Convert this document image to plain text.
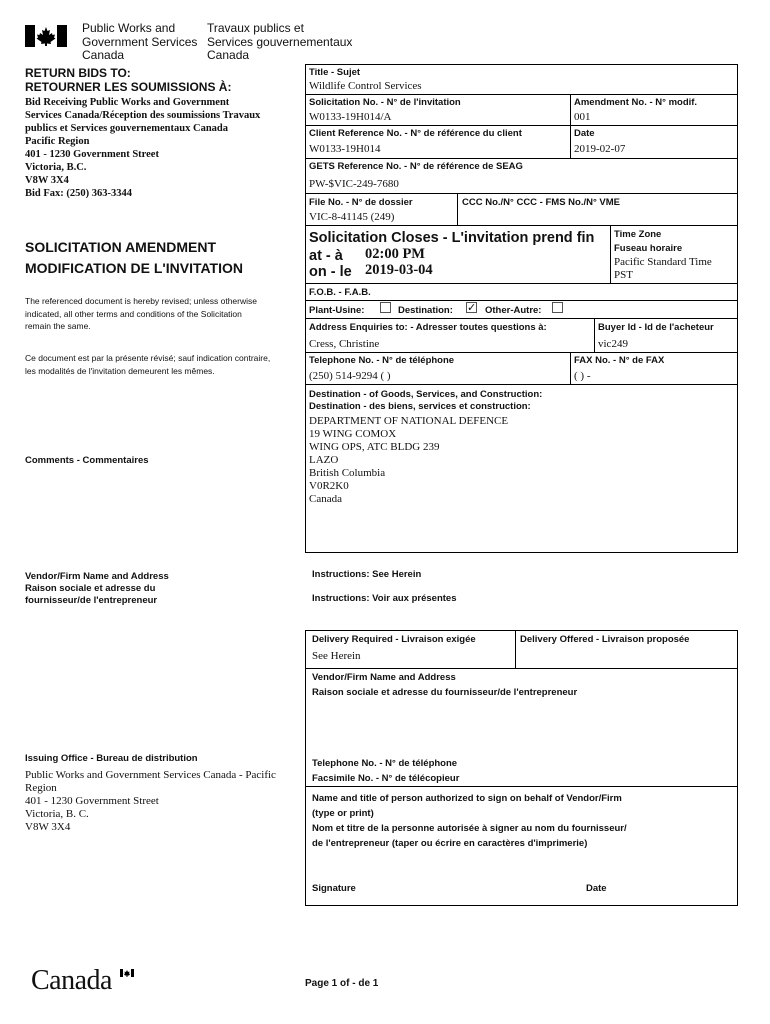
Public Works and
Government Services
Canada
Travaux publics et
Services gouvernementaux
Canada
RETURN BIDS TO:
RETOURNER LES SOUMISSIONS À:
Bid Receiving Public Works and Government
Services Canada/Réception des soumissions Travaux
publics et Services gouvernementaux Canada
Pacific Region
401 - 1230 Government Street
Victoria, B.C.
V8W 3X4
Bid Fax: (250) 363-3344
SOLICITATION AMENDMENT
MODIFICATION DE L'INVITATION
The referenced document is hereby revised; unless otherwise
indicated, all other terms and conditions of the Solicitation
remain the same.
Ce document est par la présente révisé; sauf indication contraire,
les modalités de l'invitation demeurent les mêmes.
Comments - Commentaires
Vendor/Firm Name and Address
Raison sociale et adresse du
fournisseur/de l'entrepreneur
Issuing Office - Bureau de distribution
Public Works and Government Services Canada - Pacific
Region
401 - 1230 Government Street
Victoria, B. C.
V8W 3X4
Title - Sujet
Wildlife Control Services
Solicitation No. - N° de l'invitation
W0133-19H014/A
Amendment No. - N° modif.
001
Client Reference No. - N° de référence du client
W0133-19H014
Date
2019-02-07
GETS Reference No. - N° de référence de SEAG
PW-$VIC-249-7680
File No. - N° de dossier
VIC-8-41145 (249)
CCC No./N° CCC - FMS No./N° VME
Solicitation Closes - L'invitation prend fin
at - à 02:00 PM
on - le 2019-03-04
Time Zone
Fuseau horaire
Pacific Standard Time
PST
F.O.B. - F.A.B.
Plant-Usine:	Destination: ✓ Other-Autre:
Address Enquiries to: - Adresser toutes questions à:
Cress, Christine
Buyer Id - Id de l'acheteur
vic249
Telephone No. - N° de téléphone
(250) 514-9294 ( )
FAX No. - N° de FAX
( ) -
Destination - of Goods, Services, and Construction:
Destination - des biens, services et construction:
DEPARTMENT OF NATIONAL DEFENCE
19 WING COMOX
WING OPS, ATC BLDG 239
LAZO
British Columbia
V0R2K0
Canada
Instructions: See Herein
Instructions: Voir aux présentes
Delivery Required - Livraison exigée
See Herein
Delivery Offered - Livraison proposée
Vendor/Firm Name and Address
Raison sociale et adresse du fournisseur/de l'entrepreneur
Telephone No. - N° de téléphone
Facsimile No. - N° de télécopieur
Name and title of person authorized to sign on behalf of Vendor/Firm
(type or print)
Nom et titre de la personne autorisée à signer au nom du fournisseur/
de l'entrepreneur (taper ou écrire en caractères d'imprimerie)
Signature	Date
Canada	Page 1 of - de 1
